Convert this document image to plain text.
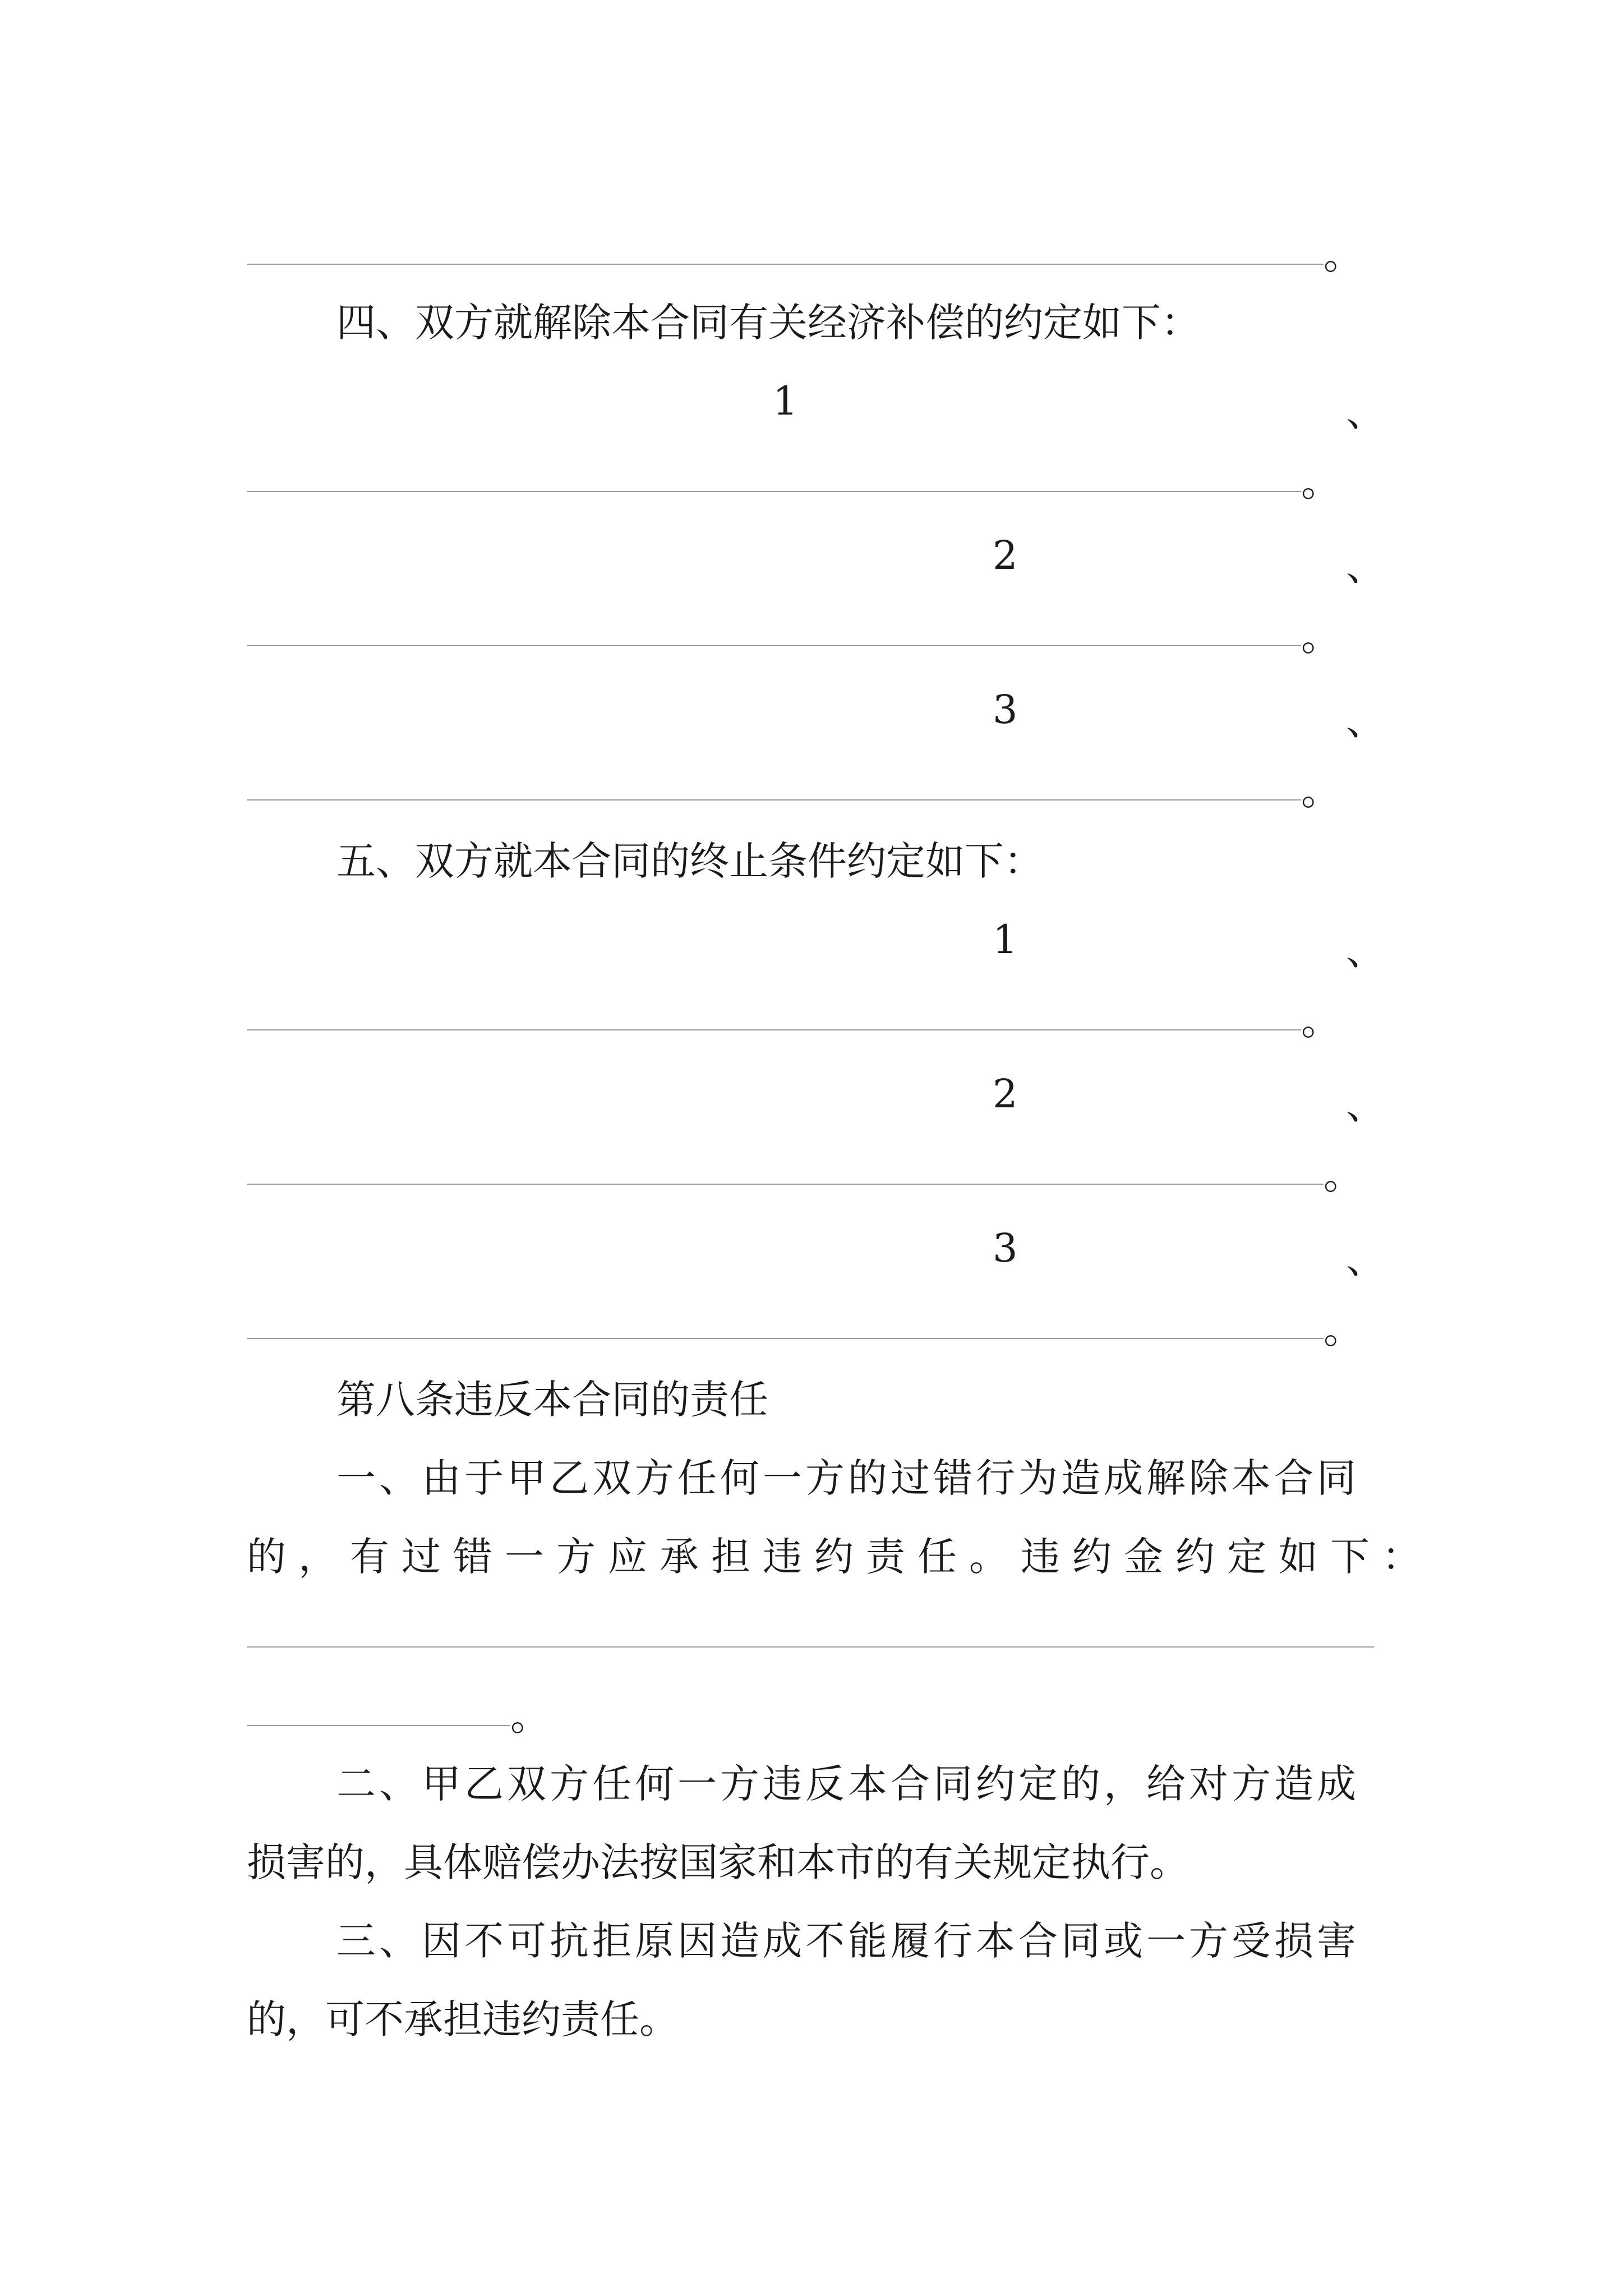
。
四、双方就解除本合同有关经济补偿的约定如下：
1	、
。
2	、
。
3	、
。
五、双方就本合同的终止条件约定如下：
1	、
。
2	、
。
3	、
。
第八条违反本合同的责任
一、由于甲乙双方任何一方的过错行为造成解除本合同
的，有过错一方应承担违约责任。违约金约定如下：
。
二、甲乙双方任何一方违反本合同约定的，给对方造成
损害的，具体赔偿办法按国家和本市的有关规定执行。
三、因不可抗拒原因造成不能履行本合同或一方受损害
的，可不承担违约责任。
